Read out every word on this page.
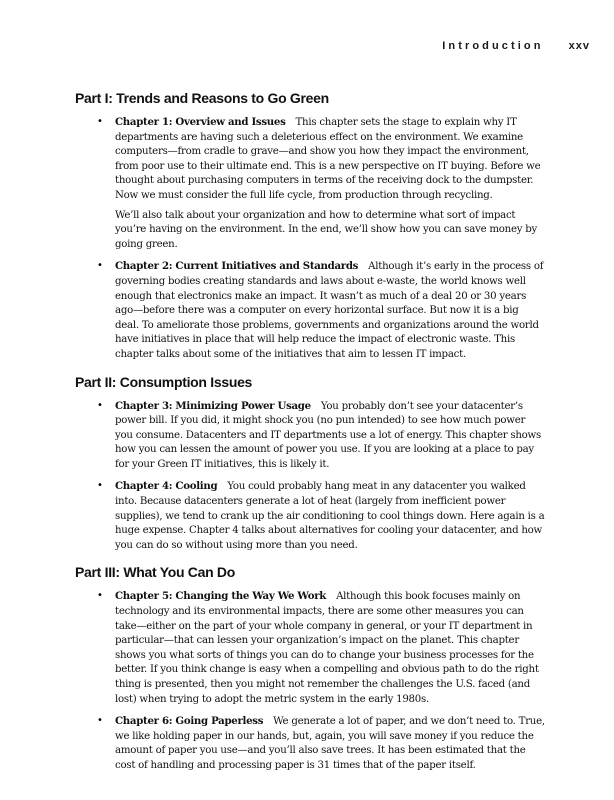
Introduction xxv
Part I: Trends and Reasons to Go Green

• Chapter 1: Overview and Issues This chapter sets the stage to explain why IT departments are having such a deleterious effect on the environment. We examine computers—from cradle to grave—and show you how they impact the environment, from poor use to their ultimate end. This is a new perspective on IT buying. Before we thought about purchasing computers in terms of the receiving dock to the dumpster. Now we must consider the full life cycle, from production through recycling.

We’ll also talk about your organization and how to determine what sort of impact you’re having on the environment. In the end, we’ll show how you can save money by going green.

• Chapter 2: Current Initiatives and Standards Although it’s early in the process of governing bodies creating standards and laws about e-waste, the world knows well enough that electronics make an impact. It wasn’t as much of a deal 20 or 30 years ago—before there was a computer on every horizontal surface. But now it is a big deal. To ameliorate those problems, governments and organizations around the world have initiatives in place that will help reduce the impact of electronic waste. This chapter talks about some of the initiatives that aim to lessen IT impact.

Part II: Consumption Issues

• Chapter 3: Minimizing Power Usage You probably don’t see your datacenter’s power bill. If you did, it might shock you (no pun intended) to see how much power you consume. Datacenters and IT departments use a lot of energy. This chapter shows how you can lessen the amount of power you use. If you are looking at a place to pay for your Green IT initiatives, this is likely it.

• Chapter 4: Cooling You could probably hang meat in any datacenter you walked into. Because datacenters generate a lot of heat (largely from inefficient power supplies), we tend to crank up the air conditioning to cool things down. Here again is a huge expense. Chapter 4 talks about alternatives for cooling your datacenter, and how you can do so without using more than you need.

Part III: What You Can Do

• Chapter 5: Changing the Way We Work Although this book focuses mainly on technology and its environmental impacts, there are some other measures you can take—either on the part of your whole company in general, or your IT department in particular—that can lessen your organization’s impact on the planet. This chapter shows you what sorts of things you can do to change your business processes for the better. If you think change is easy when a compelling and obvious path to do the right thing is presented, then you might not remember the challenges the U.S. faced (and lost) when trying to adopt the metric system in the early 1980s.

• Chapter 6: Going Paperless We generate a lot of paper, and we don’t need to. True, we like holding paper in our hands, but, again, you will save money if you reduce the amount of paper you use—and you’ll also save trees. It has been estimated that the cost of handling and processing paper is 31 times that of the paper itself.
